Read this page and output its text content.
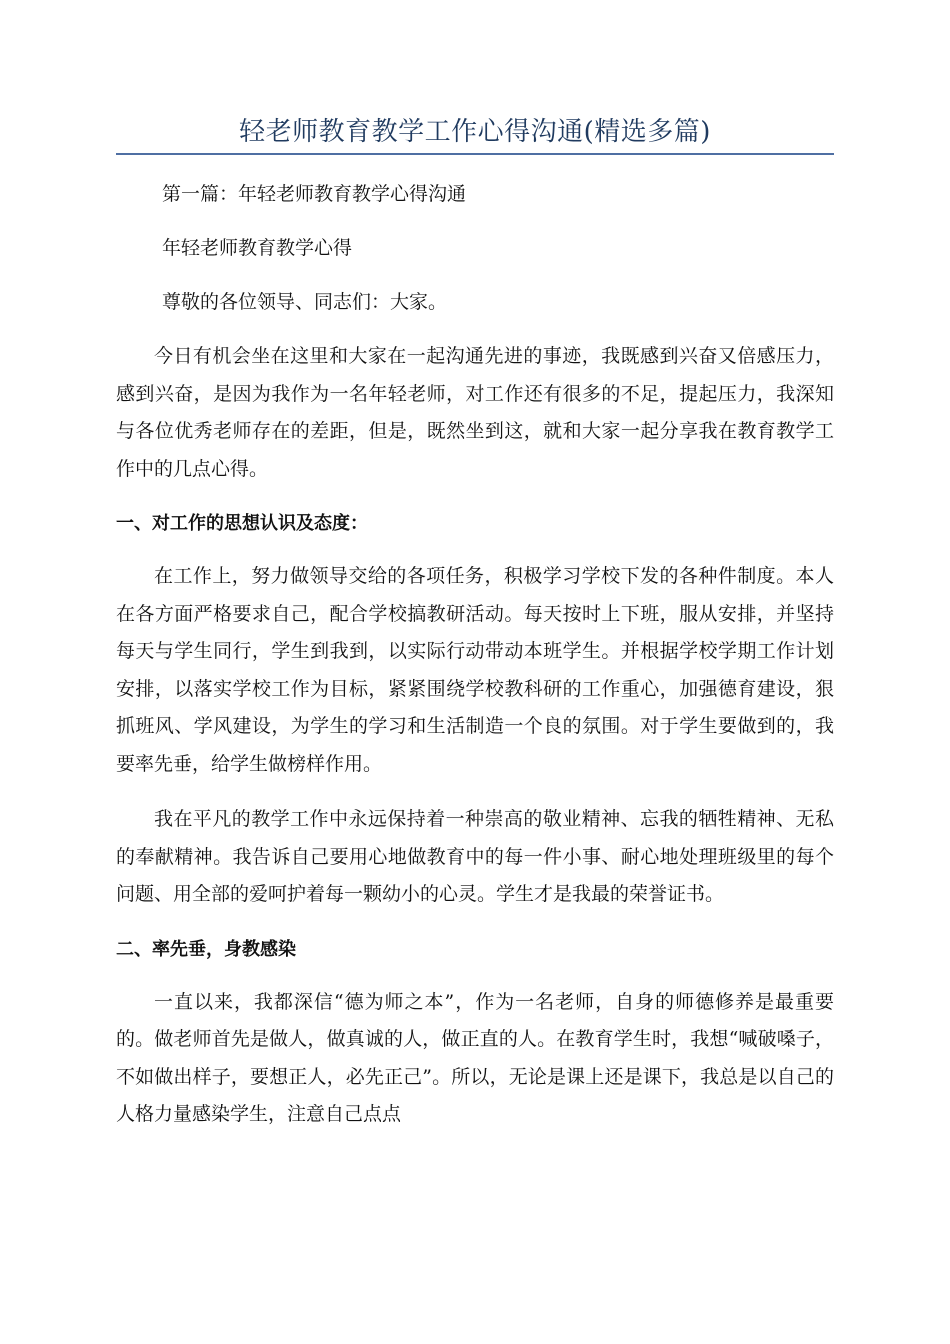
轻老师教育教学工作心得沟通(精选多篇)

第一篇：年轻老师教育教学心得沟通

年轻老师教育教学心得

尊敬的各位领导、同志们：大家。

今日有机会坐在这里和大家在一起沟通先进的事迹，我既感到兴奋又倍感压力，感到兴奋，是因为我作为一名年轻老师，对工作还有很多的不足，提起压力，我深知与各位优秀老师存在的差距，但是，既然坐到这，就和大家一起分享我在教育教学工作中的几点心得。

一、对工作的思想认识及态度：

在工作上，努力做领导交给的各项任务，积极学习学校下发的各种件制度。本人在各方面严格要求自己，配合学校搞教研活动。每天按时上下班，服从安排，并坚持每天与学生同行，学生到我到，以实际行动带动本班学生。并根据学校学期工作计划安排，以落实学校工作为目标，紧紧围绕学校教科研的工作重心，加强德育建设，狠抓班风、学风建设，为学生的学习和生活制造一个良的氛围。对于学生要做到的，我要率先垂，给学生做榜样作用。

我在平凡的教学工作中永远保持着一种崇高的敬业精神、忘我的牺牲精神、无私的奉献精神。我告诉自己要用心地做教育中的每一件小事、耐心地处理班级里的每个问题、用全部的爱呵护着每一颗幼小的心灵。学生才是我最的荣誉证书。

二、率先垂，身教感染

一直以来，我都深信“德为师之本”，作为一名老师，自身的师德修养是最重要的。做老师首先是做人，做真诚的人，做正直的人。在教育学生时，我想“喊破嗓子，不如做出样子，要想正人，必先正己”。所以，无论是课上还是课下，我总是以自己的人格力量感染学生，注意自己点点
